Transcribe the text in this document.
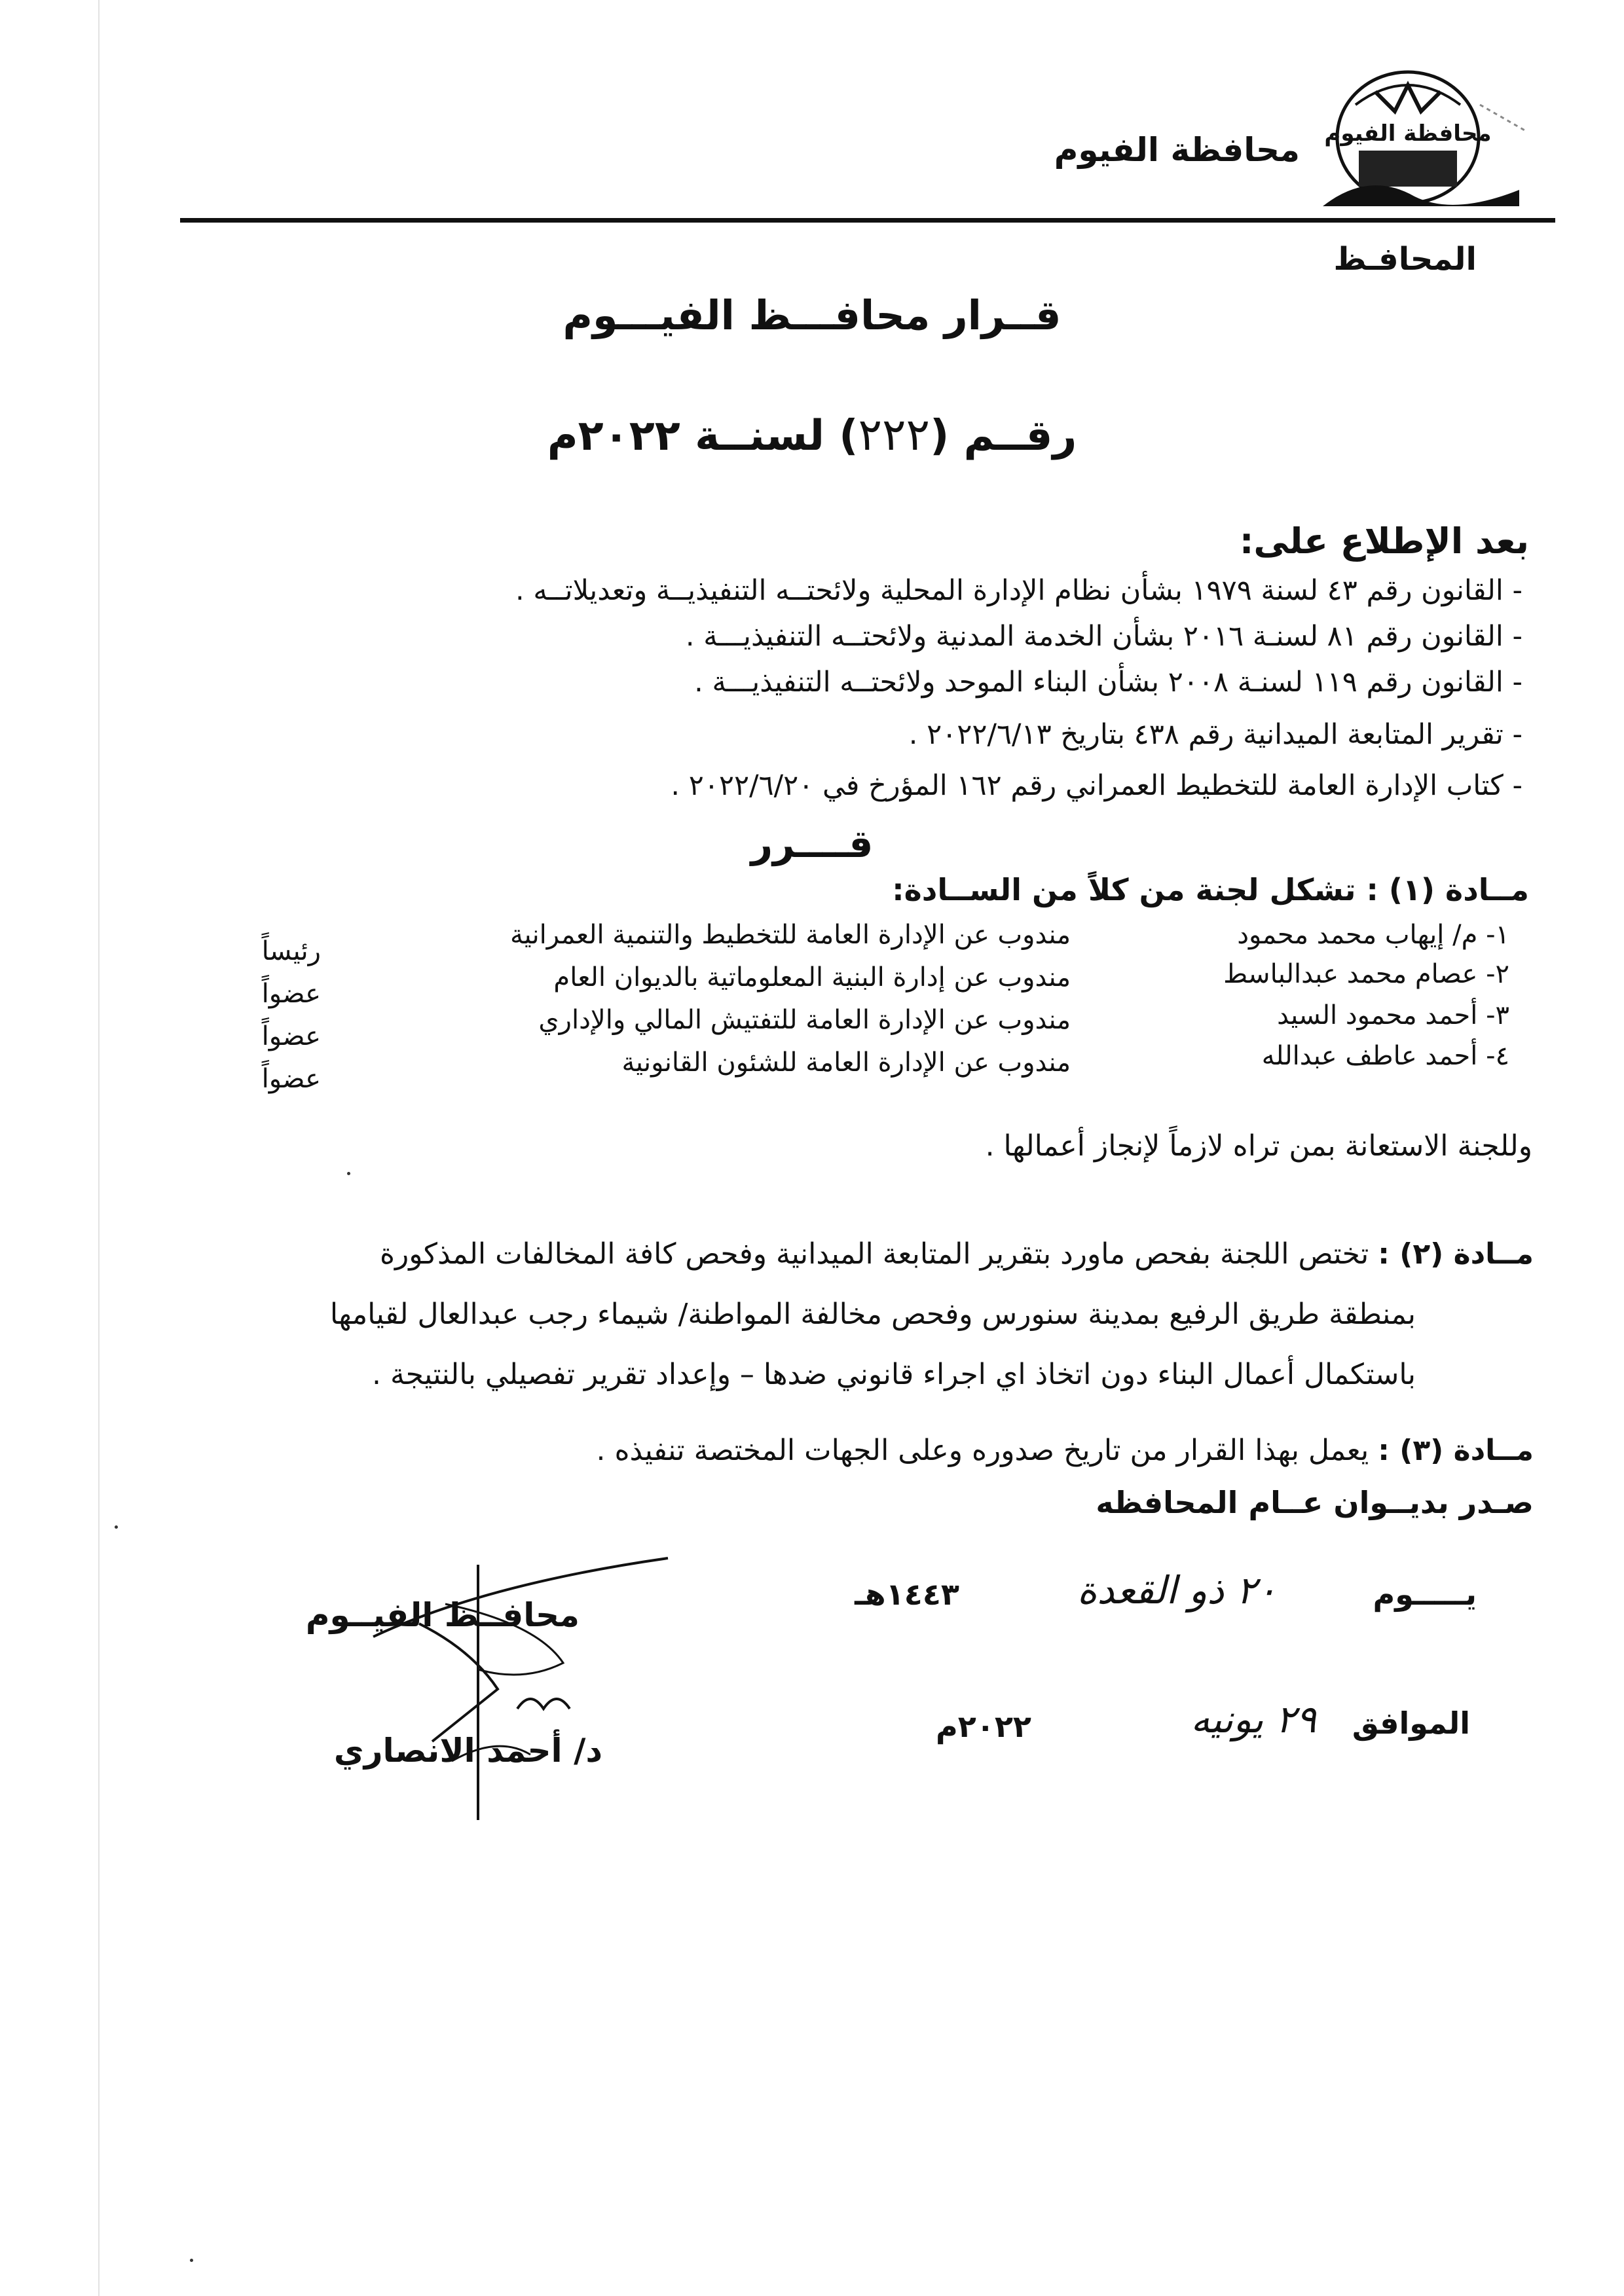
محافظة الفيوم
محافظة الفيوم
المحافـظ
قــرار محافـــظ الفيـــوم
رقــم (٢٢٢) لسنــة ٢٠٢٢م
بعد الإطلاع على:
- القانون رقم ٤٣ لسنة ١٩٧٩ بشأن نظام الإدارة المحلية ولائحتــه التنفيذيــة وتعديلاتــه .
- القانون رقم ٨١ لسنـة ٢٠١٦ بشأن الخدمة المدنية ولائحتــه التنفيذيـــة .
- القانون رقم ١١٩ لسنـة ٢٠٠٨ بشأن البناء الموحد ولائحتــه التنفيذيـــة .
- تقرير المتابعة الميدانية رقم ٤٣٨ بتاريخ ٢٠٢٢/٦/١٣ .
- كتاب الإدارة العامة للتخطيط العمراني رقم ١٦٢ المؤرخ في ٢٠٢٢/٦/٢٠ .
قــــرر
مــادة (١) : تشكل لجنة من كلاً من الســادة:
١- م/ إيهاب محمد محمود
مندوب عن الإدارة العامة للتخطيط والتنمية العمرانية
رئيساً
٢- عصام محمد عبدالباسط
مندوب عن إدارة البنية المعلوماتية بالديوان العام
عضواً
٣- أحمد محمود السيد
مندوب عن الإدارة العامة للتفتيش المالي والإداري
عضواً
٤- أحمد عاطف عبدالله
مندوب عن الإدارة العامة للشئون القانونية
عضواً
وللجنة الاستعانة بمن تراه لازماً لإنجاز أعمالها .
مــادة (٢) : تختص اللجنة بفحص ماورد بتقرير المتابعة الميدانية وفحص كافة المخالفات المذكورة
بمنطقة طريق الرفيع بمدينة سنورس وفحص مخالفة المواطنة/ شيماء رجب عبدالعال لقيامها
باستكمال أعمال البناء دون اتخاذ اي اجراء قانوني ضدها – وإعداد تقرير تفصيلي بالنتيجة .
مــادة (٣) : يعمل بهذا القرار من تاريخ صدوره وعلى الجهات المختصة تنفيذه .
صـدر بديــوان عــام المحافظه
يـــــوم
٢٠ ذو القعدة
١٤٤٣هـ
الموافق
٢٩ يونيه
٢٠٢٢م
محافــظ الفيــوم
د/ أحمد الانصاري
